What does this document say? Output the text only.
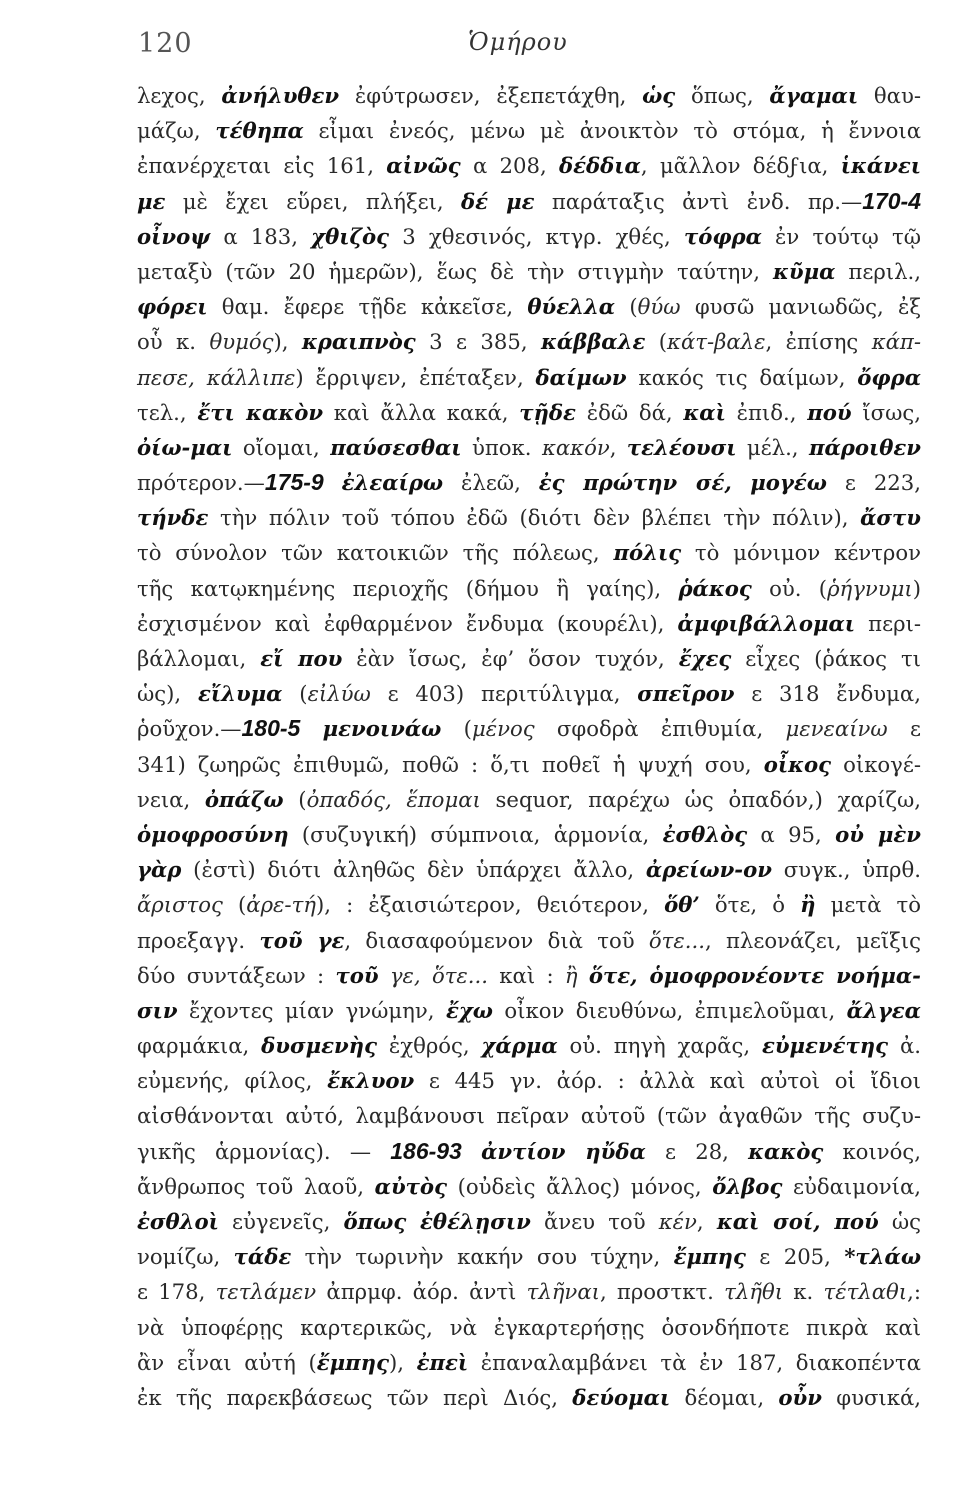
120	Ὁμήρου
λεχος, ἀνήλυθεν ἐφύτρωσεν, ἐξεπετάχθη, ὡς ὅπως, ἄγαμαι θαυ-
μάζω, τέθηπα εἶμαι ἐνεός, μένω μὲ ἀνοικτὸν τὸ στόμα, ἡ ἔννοια
ἐπανέρχεται εἰς 161, αἰνῶς α 208, δέδδια, μᾶλλον δέδϝια, ἱκάνει
με μὲ ἔχει εὕρει, πλήξει, δέ με παράταξις ἀντὶ ἐνδ. πρ.—170-4
οἶνοψ α 183, χθιζὸς 3 χθεσινός, κτγρ. χθές, τόφρα ἐν τούτῳ τῷ
μεταξὺ (τῶν 20 ἡμερῶν), ἕως δὲ τὴν στιγμὴν ταύτην, κῦμα περιλ.,
φόρει θαμ. ἔφερε τῇδε κἀκεῖσε, θύελλα (θύω φυσῶ μανιωδῶς, ἐξ
οὗ κ. θυμός), κραιπνὸς 3 ε 385, κάββαλε (κάτ-βαλε, ἐπίσης κάπ-
πεσε, κάλλιπε) ἔρριψεν, ἐπέταξεν, δαίμων κακός τις δαίμων, ὄφρα
τελ., ἔτι κακὸν καὶ ἄλλα κακά, τῇδε ἐδῶ δά, καὶ ἐπιδ., πού ἴσως,
ὀίω-μαι οἴομαι, παύσεσθαι ὑποκ. κακόν, τελέουσι μέλ., πάροιθεν
πρότερον.—175-9 ἐλεαίρω ἐλεῶ, ἐς πρώτην σέ, μογέω ε 223,
τήνδε τὴν πόλιν τοῦ τόπου ἐδῶ (διότι δὲν βλέπει τὴν πόλιν), ἄστυ
τὸ σύνολον τῶν κατοικιῶν τῆς πόλεως, πόλις τὸ μόνιμον κέντρον
τῆς κατῳκημένης περιοχῆς (δήμου ἢ γαίης), ῥάκος οὐ. (ῥήγνυμι)
ἐσχισμένον καὶ ἐφθαρμένον ἔνδυμα (κουρέλι), ἀμφιβάλλομαι περι-
βάλλομαι, εἴ που ἐὰν ἴσως, ἐφ’ ὅσον τυχόν, ἔχες εἶχες (ῥάκος τι
ὡς), εἴλυμα (εἰλύω ε 403) περιτύλιγμα, σπεῖρον ε 318 ἔνδυμα,
ῥοῦχον.—180-5 μενοινάω (μένος σφοδρὰ ἐπιθυμία, μενεαίνω ε
341) ζωηρῶς ἐπιθυμῶ, ποθῶ : ὅ,τι ποθεῖ ἡ ψυχή σου, οἶκος οἰκογέ-
νεια, ὀπάζω (ὀπαδός, ἕπομαι sequor, παρέχω ὡς ὀπαδόν,) χαρίζω,
ὁμοφροσύνη (συζυγική) σύμπνοια, ἁρμονία, ἐσθλὸς α 95, οὐ μὲν
γὰρ (ἐστὶ) διότι ἀληθῶς δὲν ὑπάρχει ἄλλο, ἀρείων-ον συγκ., ὑπρθ.
ἄριστος (ἀρε-τή), : ἐξαισιώτερον, θειότερον, ὅθ’ ὅτε, ὁ ἢ μετὰ τὸ
προεξαγγ. τοῦ γε, διασαφούμενον διὰ τοῦ ὅτε..., πλεονάζει, μεῖξις
δύο συντάξεων : τοῦ γε, ὅτε... καὶ : ἢ ὅτε, ὁμοφρονέοντε νοήμα-
σιν ἔχοντες μίαν γνώμην, ἔχω οἶκον διευθύνω, ἐπιμελοῦμαι, ἄλγεα
φαρμάκια, δυσμενὴς ἐχθρός, χάρμα οὐ. πηγὴ χαρᾶς, εὐμενέτης ἀ.
εὐμενής, φίλος, ἔκλυον ε 445 γν. ἀόρ. : ἀλλὰ καὶ αὐτοὶ οἱ ἴδιοι
αἰσθάνονται αὐτό, λαμβάνουσι πεῖραν αὐτοῦ (τῶν ἀγαθῶν τῆς συζυ-
γικῆς ἁρμονίας). — 186-93 ἀντίον ηὔδα ε 28, κακὸς κοινός,
ἄνθρωπος τοῦ λαοῦ, αὐτὸς (οὐδεὶς ἄλλος) μόνος, ὄλβος εὐδαιμονία,
ἐσθλοὶ εὐγενεῖς, ὅπως ἐθέλῃσιν ἄνευ τοῦ κέν, καὶ σοί, πού ὡς
νομίζω, τάδε τὴν τωρινὴν κακήν σου τύχην, ἔμπης ε 205, *τλάω
ε 178, τετλάμεν ἀπρμφ. ἀόρ. ἀντὶ τλῆναι, προστκτ. τλῆθι κ. τέτλαθι,:
νὰ ὑποφέρῃς καρτερικῶς, νὰ ἐγκαρτερήσῃς ὁσονδήποτε πικρὰ καὶ
ἂν εἶναι αὐτή (ἔμπης), ἐπεὶ ἐπαναλαμβάνει τὰ ἐν 187, διακοπέντα
ἐκ τῆς παρεκβάσεως τῶν περὶ Διός, δεύομαι δέομαι, οὖν φυσικά,
